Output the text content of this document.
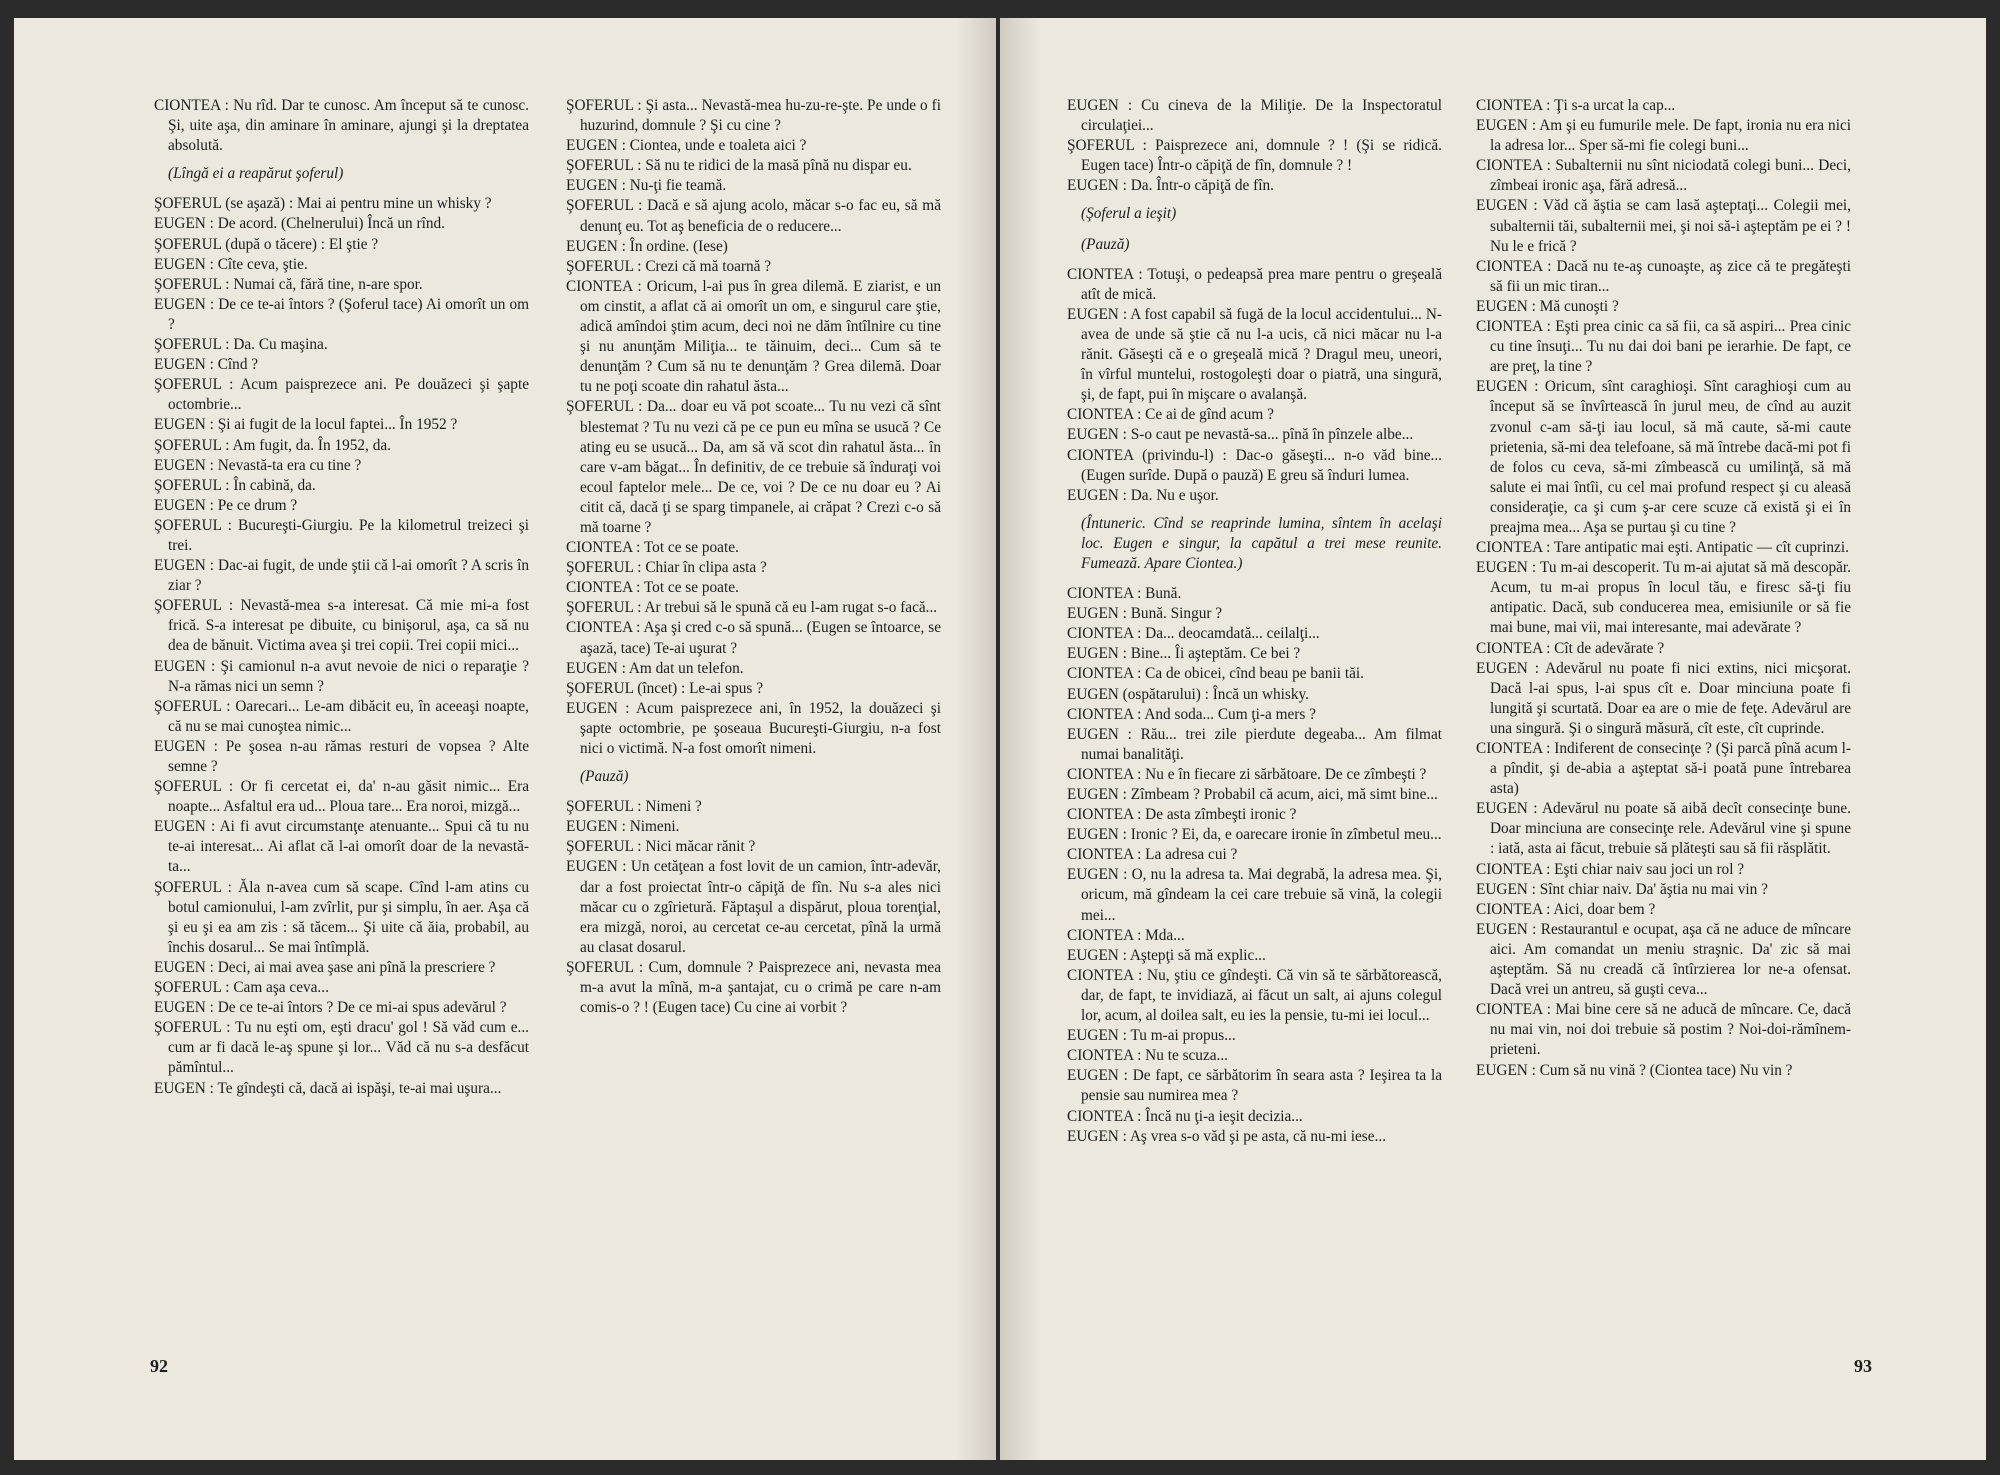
CIONTEA : Nu rîd. Dar te cunosc. Am început să te cunosc. Şi, uite aşa, din aminare în aminare, ajungi şi la dreptatea absolută.

(Lîngă ei a reapărut şoferul)

ŞOFERUL (se aşază) : Mai ai pentru mine un whisky ?

EUGEN : De acord. (Chelnerului) Încă un rînd.

ŞOFERUL (după o tăcere) : El ştie ?

EUGEN : Cîte ceva, ştie.

ŞOFERUL : Numai că, fără tine, n-are spor.

EUGEN : De ce te-ai întors ? (Şoferul tace) Ai omorît un om ?

ŞOFERUL : Da. Cu maşina.

EUGEN : Cînd ?

ŞOFERUL : Acum paisprezece ani. Pe douăzeci şi şapte octombrie...

EUGEN : Şi ai fugit de la locul faptei... În 1952 ?

ŞOFERUL : Am fugit, da. În 1952, da.

EUGEN : Nevastă-ta era cu tine ?

ŞOFERUL : În cabină, da.

EUGEN : Pe ce drum ?

ŞOFERUL : Bucureşti-Giurgiu. Pe la kilometrul treizeci şi trei.

EUGEN : Dac-ai fugit, de unde ştii că l-ai omorît ? A scris în ziar ?

ŞOFERUL : Nevastă-mea s-a interesat. Că mie mi-a fost frică. S-a interesat pe dibuite, cu binişorul, aşa, ca să nu dea de bănuit. Victima avea şi trei copii. Trei copii mici...

EUGEN : Şi camionul n-a avut nevoie de nici o reparaţie ? N-a rămas nici un semn ?

ŞOFERUL : Oarecari... Le-am dibăcit eu, în aceeaşi noapte, că nu se mai cunoştea nimic...

EUGEN : Pe şosea n-au rămas resturi de vopsea ? Alte semne ?

ŞOFERUL : Or fi cercetat ei, da' n-au găsit nimic... Era noapte... Asfaltul era ud... Ploua tare... Era noroi, mizgă...

EUGEN : Ai fi avut circumstanţe atenuante... Spui că tu nu te-ai interesat... Ai aflat că l-ai omorît doar de la nevastă-ta...

ŞOFERUL : Ăla n-avea cum să scape. Cînd l-am atins cu botul camionului, l-am zvîrlit, pur şi simplu, în aer. Aşa că şi eu şi ea am zis : să tăcem... Şi uite că ăia, probabil, au închis dosarul... Se mai întîmplă.

EUGEN : Deci, ai mai avea şase ani pînă la prescriere ?

ŞOFERUL : Cam aşa ceva...

EUGEN : De ce te-ai întors ? De ce mi-ai spus adevărul ?

ŞOFERUL : Tu nu eşti om, eşti dracu' gol ! Să văd cum e... cum ar fi dacă le-aş spune şi lor... Văd că nu s-a desfăcut pămîntul...

EUGEN : Te gîndeşti că, dacă ai ispăşi, te-ai mai uşura...

ŞOFERUL : Şi asta... Nevastă-mea hu-zu-re-şte. Pe unde o fi huzurind, domnule ? Şi cu cine ?

EUGEN : Ciontea, unde e toaleta aici ?

ŞOFERUL : Să nu te ridici de la masă pînă nu dispar eu.

EUGEN : Nu-ţi fie teamă.

ŞOFERUL : Dacă e să ajung acolo, măcar s-o fac eu, să mă denunţ eu. Tot aş beneficia de o reducere...

EUGEN : În ordine. (Iese)

ŞOFERUL : Crezi că mă toarnă ?

CIONTEA : Oricum, l-ai pus în grea dilemă. E ziarist, e un om cinstit, a aflat că ai omorît un om, e singurul care ştie, adică amîndoi ştim acum, deci noi ne dăm întîlnire cu tine şi nu anunţăm Miliţia... te tăinuim, deci... Cum să te denunţăm ? Cum să nu te denunţăm ? Grea dilemă. Doar tu ne poţi scoate din rahatul ăsta...

ŞOFERUL : Da... doar eu vă pot scoate... Tu nu vezi că sînt blestemat ? Tu nu vezi că pe ce pun eu mîna se usucă ? Ce ating eu se usucă... Da, am să vă scot din rahatul ăsta... în care v-am băgat... În definitiv, de ce trebuie să înduraţi voi ecoul faptelor mele... De ce, voi ? De ce nu doar eu ? Ai citit că, dacă ţi se sparg timpanele, ai crăpat ? Crezi c-o să mă toarne ?

CIONTEA : Tot ce se poate.

ŞOFERUL : Chiar în clipa asta ?

CIONTEA : Tot ce se poate.

ŞOFERUL : Ar trebui să le spună că eu l-am rugat s-o facă...

CIONTEA : Aşa şi cred c-o să spună... (Eugen se întoarce, se aşază, tace) Te-ai uşurat ?

EUGEN : Am dat un telefon.

ŞOFERUL (încet) : Le-ai spus ?

EUGEN : Acum paisprezece ani, în 1952, la douăzeci şi şapte octombrie, pe şoseaua Bucureşti-Giurgiu, n-a fost nici o victimă. N-a fost omorît nimeni.

(Pauză)

ŞOFERUL : Nimeni ?

EUGEN : Nimeni.

ŞOFERUL : Nici măcar rănit ?

EUGEN : Un cetăţean a fost lovit de un camion, într-adevăr, dar a fost proiectat într-o căpiţă de fîn. Nu s-a ales nici măcar cu o zgîrietură. Făptaşul a dispărut, ploua torenţial, era mizgă, noroi, au cercetat ce-au cercetat, pînă la urmă au clasat dosarul.

ŞOFERUL : Cum, domnule ? Paisprezece ani, nevasta mea m-a avut la mînă, m-a şantajat, cu o crimă pe care n-am comis-o ? ! (Eugen tace) Cu cine ai vorbit ?

92

EUGEN : Cu cineva de la Miliţie. De la Inspectoratul circulaţiei...

ŞOFERUL : Paisprezece ani, domnule ? ! (Şi se ridică. Eugen tace) Într-o căpiţă de fîn, domnule ? !

EUGEN : Da. Într-o căpiţă de fîn.

(Şoferul a ieşit)

(Pauză)

CIONTEA : Totuşi, o pedeapsă prea mare pentru o greşeală atît de mică.

EUGEN : A fost capabil să fugă de la locul accidentului... N-avea de unde să ştie că nu l-a ucis, că nici măcar nu l-a rănit. Găseşti că e o greşeală mică ? Dragul meu, uneori, în vîrful muntelui, rostogoleşti doar o piatră, una singură, şi, de fapt, pui în mişcare o avalanşă.

CIONTEA : Ce ai de gînd acum ?

EUGEN : S-o caut pe nevastă-sa... pînă în pînzele albe...

CIONTEA (privindu-l) : Dac-o găseşti... n-o văd bine... (Eugen surîde. După o pauză) E greu să înduri lumea.

EUGEN : Da. Nu e uşor.

(Întuneric. Cînd se reaprinde lumina, sîntem în acelaşi loc. Eugen e singur, la capătul a trei mese reunite. Fumează. Apare Ciontea.)

CIONTEA : Bună.

EUGEN : Bună. Singur ?

CIONTEA : Da... deocamdată... ceilalţi...

EUGEN : Bine... Îi aşteptăm. Ce bei ?

CIONTEA : Ca de obicei, cînd beau pe banii tăi.

EUGEN (ospătarului) : Încă un whisky.

CIONTEA : And soda... Cum ţi-a mers ?

EUGEN : Rău... trei zile pierdute degeaba... Am filmat numai banalităţi.

CIONTEA : Nu e în fiecare zi sărbătoare. De ce zîmbeşti ?

EUGEN : Zîmbeam ? Probabil că acum, aici, mă simt bine...

CIONTEA : De asta zîmbeşti ironic ?

EUGEN : Ironic ? Ei, da, e oarecare ironie în zîmbetul meu...

CIONTEA : La adresa cui ?

EUGEN : O, nu la adresa ta. Mai degrabă, la adresa mea. Şi, oricum, mă gîndeam la cei care trebuie să vină, la colegii mei...

CIONTEA : Mda...

EUGEN : Aştepţi să mă explic...

CIONTEA : Nu, ştiu ce gîndeşti. Că vin să te sărbătorească, dar, de fapt, te invidiază, ai făcut un salt, ai ajuns colegul lor, acum, al doilea salt, eu ies la pensie, tu-mi iei locul...

EUGEN : Tu m-ai propus...

CIONTEA : Nu te scuza...

EUGEN : De fapt, ce sărbătorim în seara asta ? Ieşirea ta la pensie sau numirea mea ?

CIONTEA : Încă nu ţi-a ieşit decizia...

EUGEN : Aş vrea s-o văd şi pe asta, că nu-mi iese...

CIONTEA : Ţi s-a urcat la cap...

EUGEN : Am şi eu fumurile mele. De fapt, ironia nu era nici la adresa lor... Sper să-mi fie colegi buni...

CIONTEA : Subalternii nu sînt niciodată colegi buni... Deci, zîmbeai ironic aşa, fără adresă...

EUGEN : Văd că ăştia se cam lasă aşteptaţi... Colegii mei, subalternii tăi, subalternii mei, şi noi să-i aşteptăm pe ei ? ! Nu le e frică ?

CIONTEA : Dacă nu te-aş cunoaşte, aş zice că te pregăteşti să fii un mic tiran...

EUGEN : Mă cunoşti ?

CIONTEA : Eşti prea cinic ca să fii, ca să aspiri... Prea cinic cu tine însuţi... Tu nu dai doi bani pe ierarhie. De fapt, ce are preţ, la tine ?

EUGEN : Oricum, sînt caraghioşi. Sînt caraghioşi cum au început să se învîrtească în jurul meu, de cînd au auzit zvonul c-am să-ţi iau locul, să mă caute, să-mi caute prietenia, să-mi dea telefoane, să mă întrebe dacă-mi pot fi de folos cu ceva, să-mi zîmbească cu umilinţă, să mă salute ei mai întîi, cu cel mai profund respect şi cu aleasă consideraţie, ca şi cum ş-ar cere scuze că există şi ei în preajma mea... Aşa se purtau şi cu tine ?

CIONTEA : Tare antipatic mai eşti. Antipatic — cît cuprinzi.

EUGEN : Tu m-ai descoperit. Tu m-ai ajutat să mă descopăr. Acum, tu m-ai propus în locul tău, e firesc să-ţi fiu antipatic. Dacă, sub conducerea mea, emisiunile or să fie mai bune, mai vii, mai interesante, mai adevărate ?

CIONTEA : Cît de adevărate ?

EUGEN : Adevărul nu poate fi nici extins, nici micşorat. Dacă l-ai spus, l-ai spus cît e. Doar minciuna poate fi lungită şi scurtată. Doar ea are o mie de feţe. Adevărul are una singură. Şi o singură măsură, cît este, cît cuprinde.

CIONTEA : Indiferent de consecinţe ? (Şi parcă pînă acum l-a pîndit, şi de-abia a aşteptat să-i poată pune întrebarea asta)

EUGEN : Adevărul nu poate să aibă decît consecinţe bune. Doar minciuna are consecinţe rele. Adevărul vine şi spune : iată, asta ai făcut, trebuie să plăteşti sau să fii răsplătit.

CIONTEA : Eşti chiar naiv sau joci un rol ?

EUGEN : Sînt chiar naiv. Da' ăştia nu mai vin ?

CIONTEA : Aici, doar bem ?

EUGEN : Restaurantul e ocupat, aşa că ne aduce de mîncare aici. Am comandat un meniu straşnic. Da' zic să mai aşteptăm. Să nu creadă că întîrzierea lor ne-a ofensat. Dacă vrei un antreu, să guşti ceva...

CIONTEA : Mai bine cere să ne aducă de mîncare. Ce, dacă nu mai vin, noi doi trebuie să postim ? Noi-doi-rămînem-prieteni.

EUGEN : Cum să nu vină ? (Ciontea tace) Nu vin ?

93
